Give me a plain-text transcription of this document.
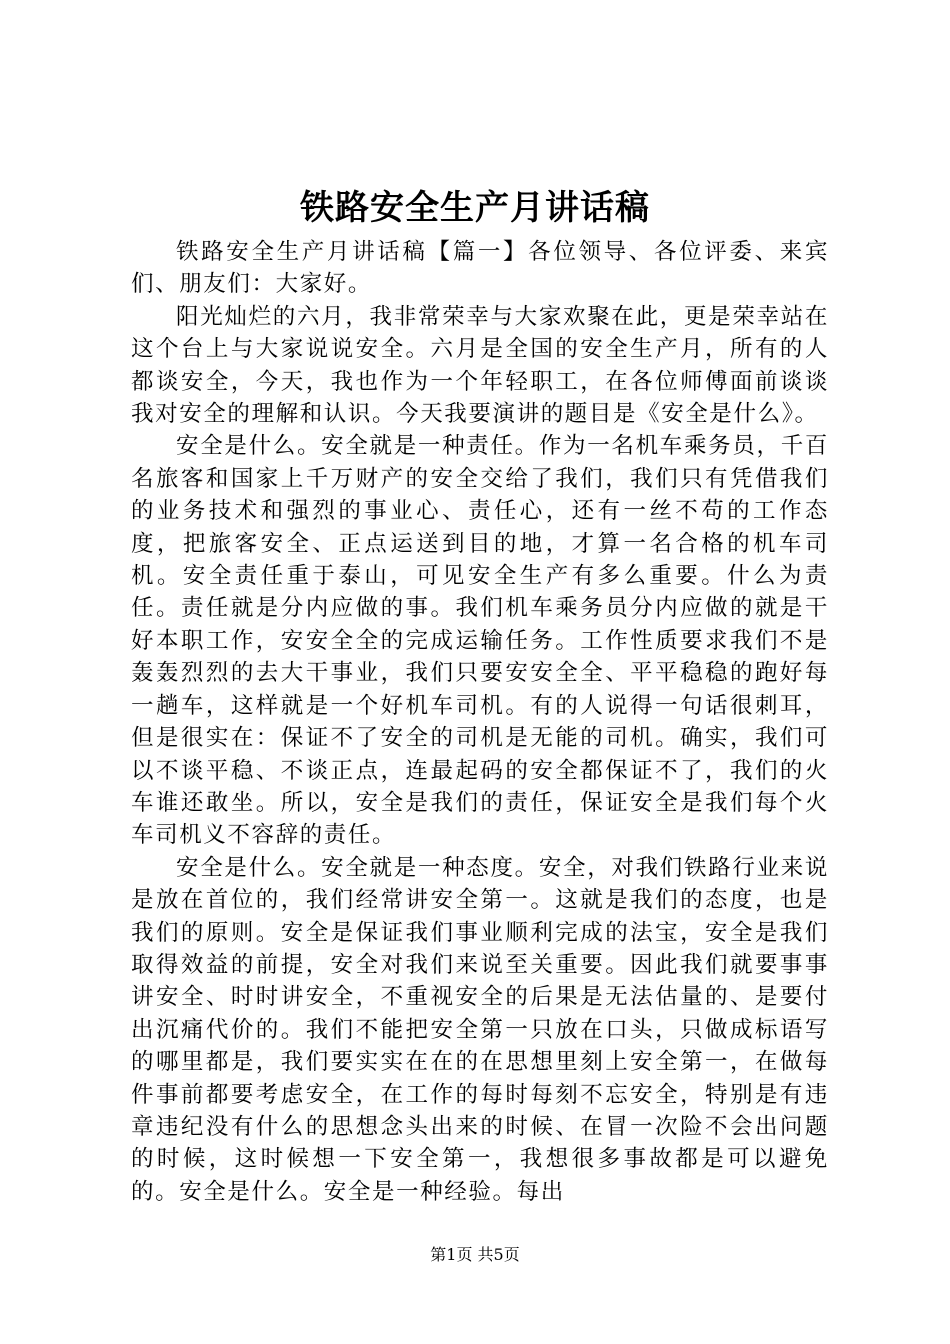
铁路安全生产月讲话稿

铁路安全生产月讲话稿【篇一】各位领导、各位评委、来宾们、朋友们：大家好。

阳光灿烂的六月，我非常荣幸与大家欢聚在此，更是荣幸站在这个台上与大家说说安全。六月是全国的安全生产月，所有的人都谈安全，今天，我也作为一个年轻职工，在各位师傅面前谈谈我对安全的理解和认识。今天我要演讲的题目是《安全是什么》。

安全是什么。安全就是一种责任。作为一名机车乘务员，千百名旅客和国家上千万财产的安全交给了我们，我们只有凭借我们的业务技术和强烈的事业心、责任心，还有一丝不苟的工作态度，把旅客安全、正点运送到目的地，才算一名合格的机车司机。安全责任重于泰山，可见安全生产有多么重要。什么为责任。责任就是分内应做的事。我们机车乘务员分内应做的就是干好本职工作，安安全全的完成运输任务。工作性质要求我们不是轰轰烈烈的去大干事业，我们只要安安全全、平平稳稳的跑好每一趟车，这样就是一个好机车司机。有的人说得一句话很刺耳，但是很实在：保证不了安全的司机是无能的司机。确实，我们可以不谈平稳、不谈正点，连最起码的安全都保证不了，我们的火车谁还敢坐。所以，安全是我们的责任，保证安全是我们每个火车司机义不容辞的责任。

安全是什么。安全就是一种态度。安全，对我们铁路行业来说是放在首位的，我们经常讲安全第一。这就是我们的态度，也是我们的原则。安全是保证我们事业顺利完成的法宝，安全是我们取得效益的前提，安全对我们来说至关重要。因此我们就要事事讲安全、时时讲安全，不重视安全的后果是无法估量的、是要付出沉痛代价的。我们不能把安全第一只放在口头，只做成标语写的哪里都是，我们要实实在在的在思想里刻上安全第一，在做每件事前都要考虑安全，在工作的每时每刻不忘安全，特别是有违章违纪没有什么的思想念头出来的时候、在冒一次险不会出问题的时候，这时候想一下安全第一，我想很多事故都是可以避免的。安全是什么。安全是一种经验。每出

第1页 共5页
